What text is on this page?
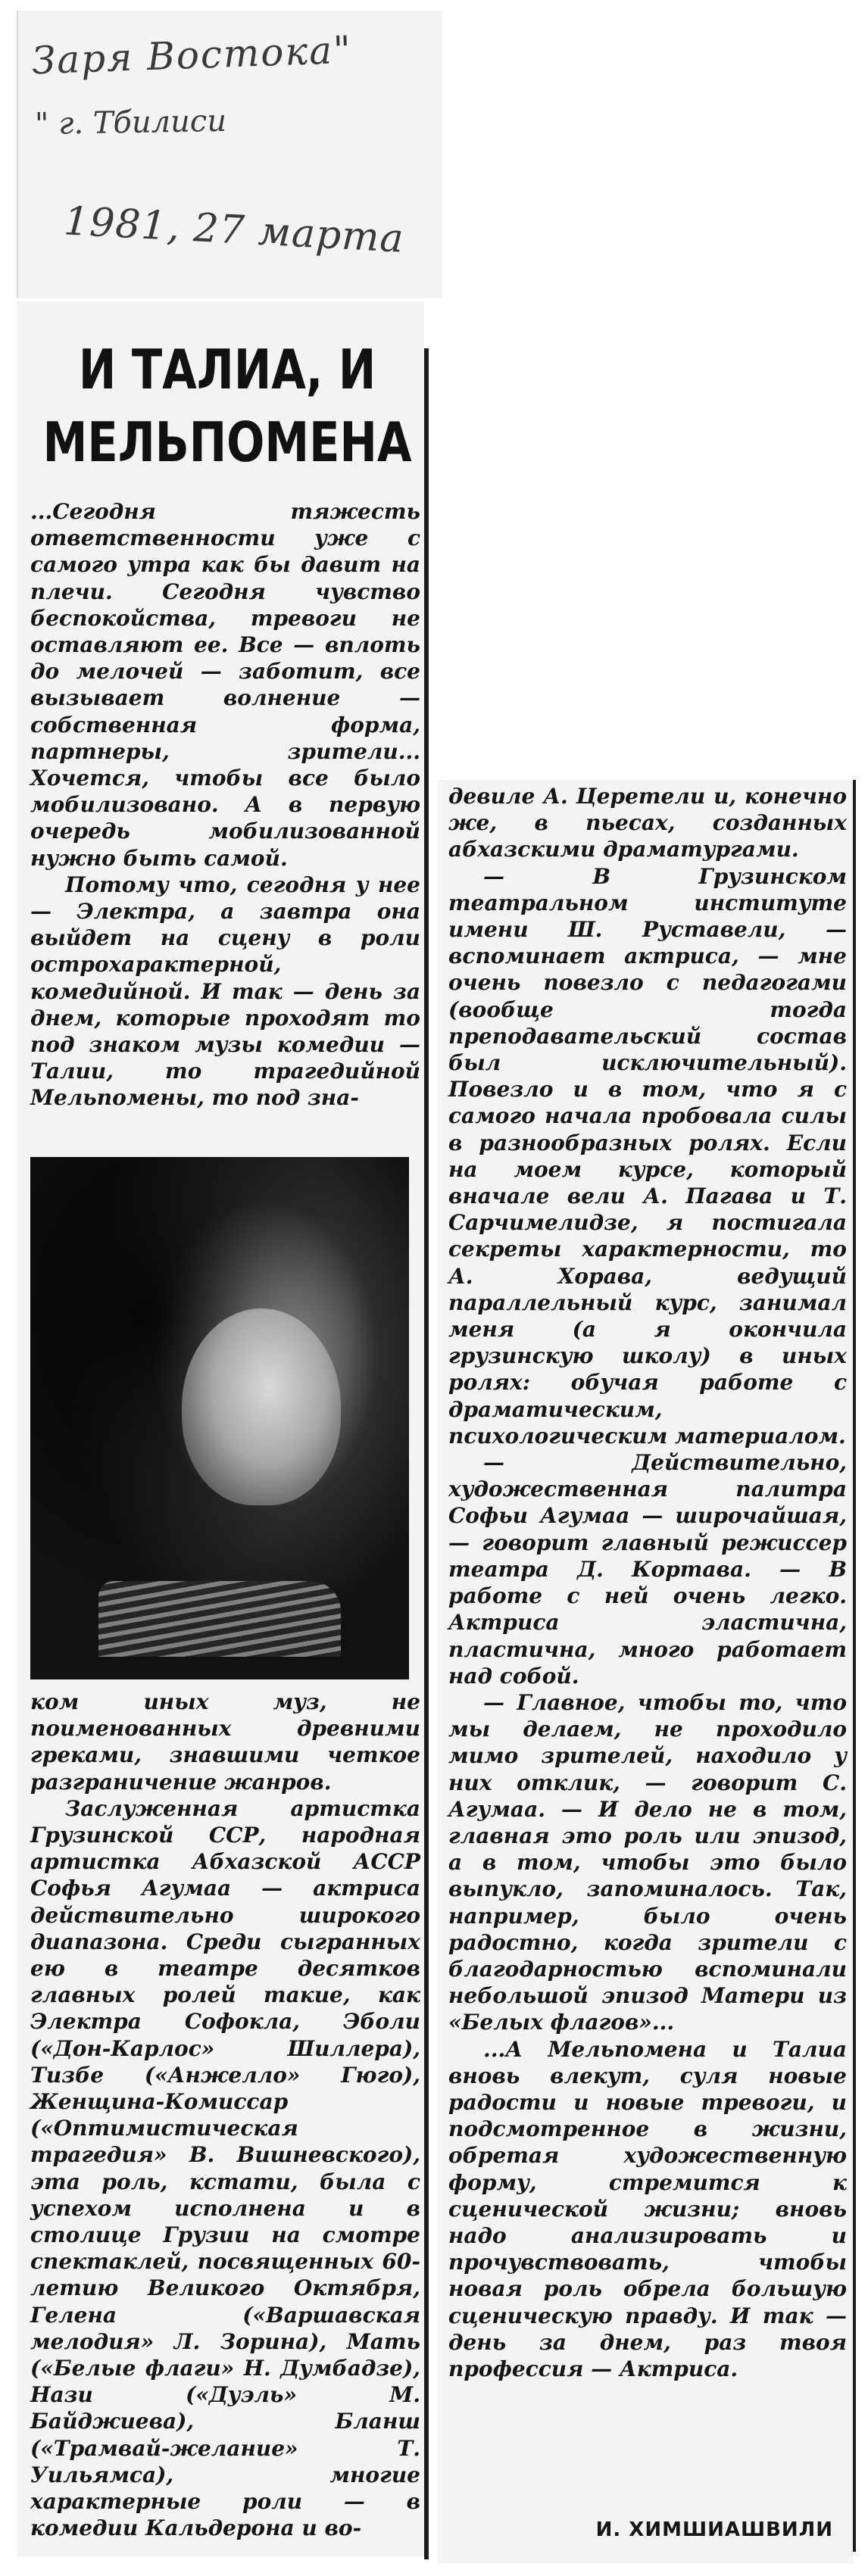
Заря Востока"
" г. Тбилиси
1981, 27 марта
И ТАЛИА, И МЕЛЬПОМЕНА

...Сегодня тяжесть ответственности уже с самого утра как бы давит на плечи. Сегодня чувство беспокойства, тревоги не оставляют ее. Все — вплоть до мелочей — заботит, все вызывает волнение — собственная форма, партнеры, зрители... Хочется, чтобы все было мобилизовано. А в первую очередь мобилизованной нужно быть самой.

Потому что, сегодня у нее — Электра, а завтра она выйдет на сцену в роли острохарактерной, комедийной. И так — день за днем, которые проходят то под знаком музы комедии — Талии, то трагедийной Мельпомены, то под зна-

ком иных муз, не поименованных древними греками, знавшими четкое разграничение жанров.

Заслуженная артистка Грузинской ССР, народная артистка Абхазской АССР Софья Агумаа — актриса действительно широкого диапазона. Среди сыгранных ею в театре десятков главных ролей такие, как Электра Софокла, Эболи («Дон-Карлос» Шиллера), Тизбе («Анжелло» Гюго), Женщина-Комиссар («Оптимистическая трагедия» В. Вишневского), эта роль, кстати, была с успехом исполнена и в столице Грузии на смотре спектаклей, посвященных 60-летию Великого Октября, Гелена («Варшавская мелодия» Л. Зорина), Мать («Белые флаги» Н. Думбадзе), Нази («Дуэль» М. Байджиева), Бланш («Трамвай-желание» Т. Уильямса), многие характерные роли — в комедии Кальдерона и во-

девиле А. Церетели и, конечно же, в пьесах, созданных абхазскими драматургами.

— В Грузинском театральном институте имени Ш. Руставели, — вспоминает актриса, — мне очень повезло с педагогами (вообще тогда преподавательский состав был исключительный). Повезло и в том, что я с самого начала пробовала силы в разнообразных ролях. Если на моем курсе, который вначале вели А. Пагава и Т. Сарчимелидзе, я постигала секреты характерности, то А. Хорава, ведущий параллельный курс, занимал меня (а я окончила грузинскую школу) в иных ролях: обучая работе с драматическим, психологическим материалом.

— Действительно, художественная палитра Софьи Агумаа — широчайшая, — говорит главный режиссер театра Д. Кортава. — В работе с ней очень легко. Актриса эластична, пластична, много работает над собой.

— Главное, чтобы то, что мы делаем, не проходило мимо зрителей, находило у них отклик, — говорит С. Агумаа. — И дело не в том, главная это роль или эпизод, а в том, чтобы это было выпукло, запоминалось. Так, например, было очень радостно, когда зрители с благодарностью вспоминали небольшой эпизод Матери из «Белых флагов»...

...А Мельпомена и Талиа вновь влекут, суля новые радости и новые тревоги, и подсмотренное в жизни, обретая художественную форму, стремится к сценической жизни; вновь надо анализировать и прочувствовать, чтобы новая роль обрела большую сценическую правду. И так — день за днем, раз твоя профессия — Актриса.

И. ХИМШИАШВИЛИ
